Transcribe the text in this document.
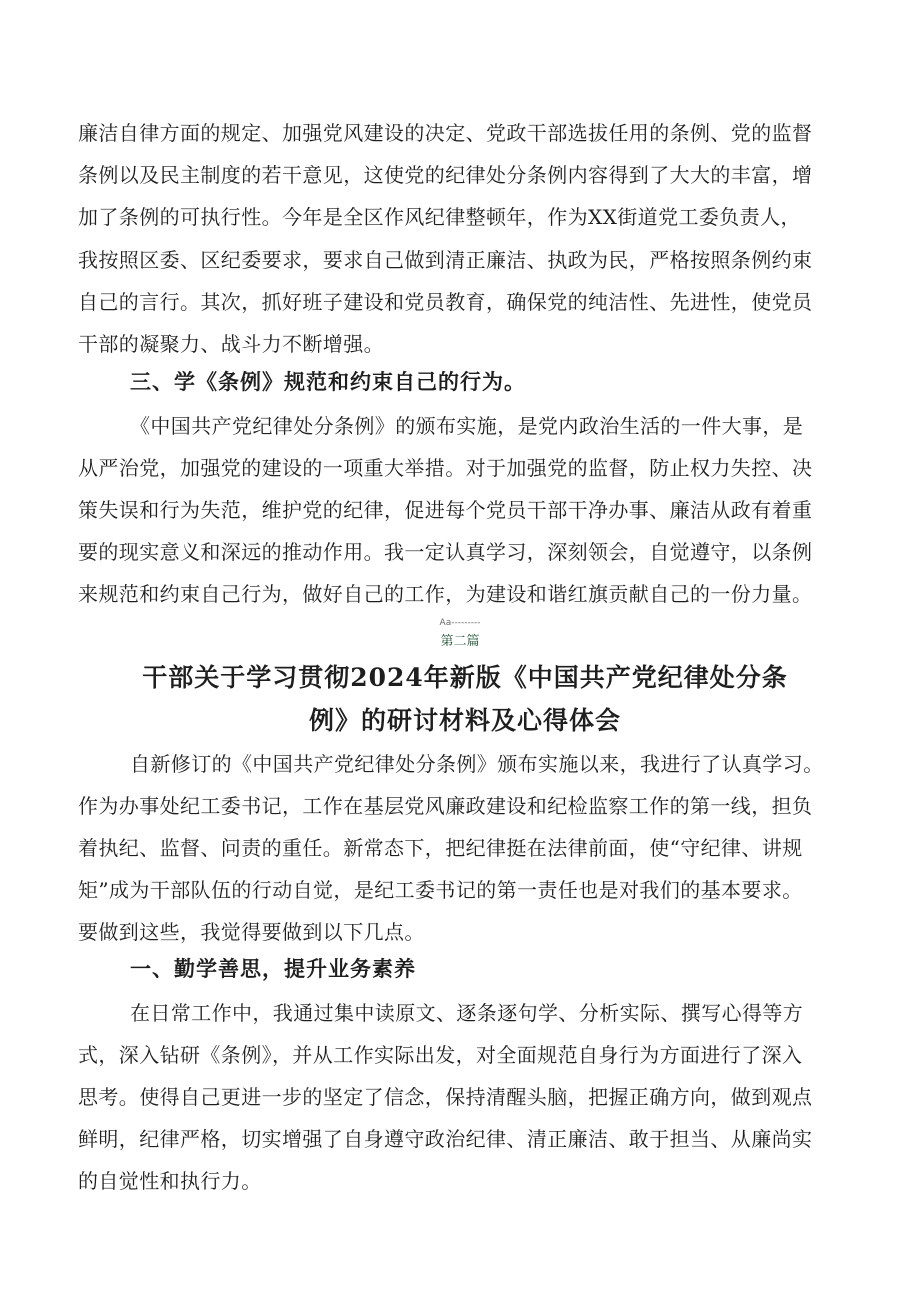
廉洁自律方面的规定、加强党风建设的决定、党政干部选拔任用的条例、党的监督
条例以及民主制度的若干意见，这使党的纪律处分条例内容得到了大大的丰富，增
加了条例的可执行性。今年是全区作风纪律整顿年，作为XX街道党工委负责人，
我按照区委、区纪委要求，要求自己做到清正廉洁、执政为民，严格按照条例约束
自己的言行。其次，抓好班子建设和党员教育，确保党的纯洁性、先进性，使党员
干部的凝聚力、战斗力不断增强。
三、学《条例》规范和约束自己的行为。
《中国共产党纪律处分条例》的颁布实施，是党内政治生活的一件大事，是
从严治党，加强党的建设的一项重大举措。对于加强党的监督，防止权力失控、决
策失误和行为失范，维护党的纪律，促进每个党员干部干净办事、廉洁从政有着重
要的现实意义和深远的推动作用。我一定认真学习，深刻领会，自觉遵守，以条例
来规范和约束自己行为，做好自己的工作，为建设和谐红旗贡献自己的一份力量。
Aa---------
第二篇
干部关于学习贯彻2024年新版《中国共产党纪律处分条
例》的研讨材料及心得体会
自新修订的《中国共产党纪律处分条例》颁布实施以来，我进行了认真学习。
作为办事处纪工委书记，工作在基层党风廉政建设和纪检监察工作的第一线，担负
着执纪、监督、问责的重任。新常态下，把纪律挺在法律前面，使“守纪律、讲规
矩”成为干部队伍的行动自觉，是纪工委书记的第一责任也是对我们的基本要求。
要做到这些，我觉得要做到以下几点。
一、勤学善思，提升业务素养
在日常工作中，我通过集中读原文、逐条逐句学、分析实际、撰写心得等方
式，深入钻研《条例》，并从工作实际出发，对全面规范自身行为方面进行了深入
思考。使得自己更进一步的坚定了信念，保持清醒头脑，把握正确方向，做到观点
鲜明，纪律严格，切实增强了自身遵守政治纪律、清正廉洁、敢于担当、从廉尚实
的自觉性和执行力。
